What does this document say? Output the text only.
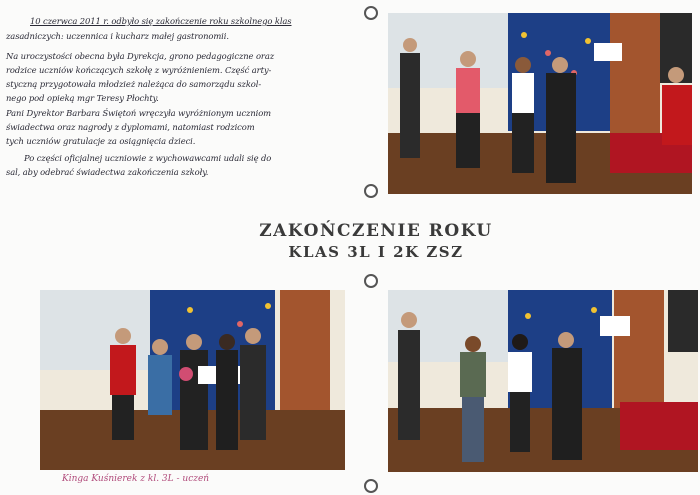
10 czerwca 2011 r. odbyło się zakończenie roku szkolnego klas
zasadniczych: uczennica i kucharz małej gastronomii.
Na uroczystości obecna była Dyrekcja, grono pedagogiczne oraz
rodzice uczniów kończących szkołę z wyróżnieniem. Część arty-
styczną przygotowała młodzież należąca do samorządu szkol-
nego pod opieką mgr Teresy Płochty.
Pani Dyrektor Barbara Świętoń wręczyła wyróżnionym uczniom
świadectwa oraz nagrody z dyplomami, natomiast rodzicom
tych uczniów gratulacje za osiągnięcia dzieci.
Po części oficjalnej uczniowie z wychowawcami udali się do
sal, aby odebrać świadectwa zakończenia szkoły.
ZAKOŃCZENIE ROKU
KLAS 3L I 2K ZSZ
Kinga Kuśnierek z kl. 3L - uczeń
